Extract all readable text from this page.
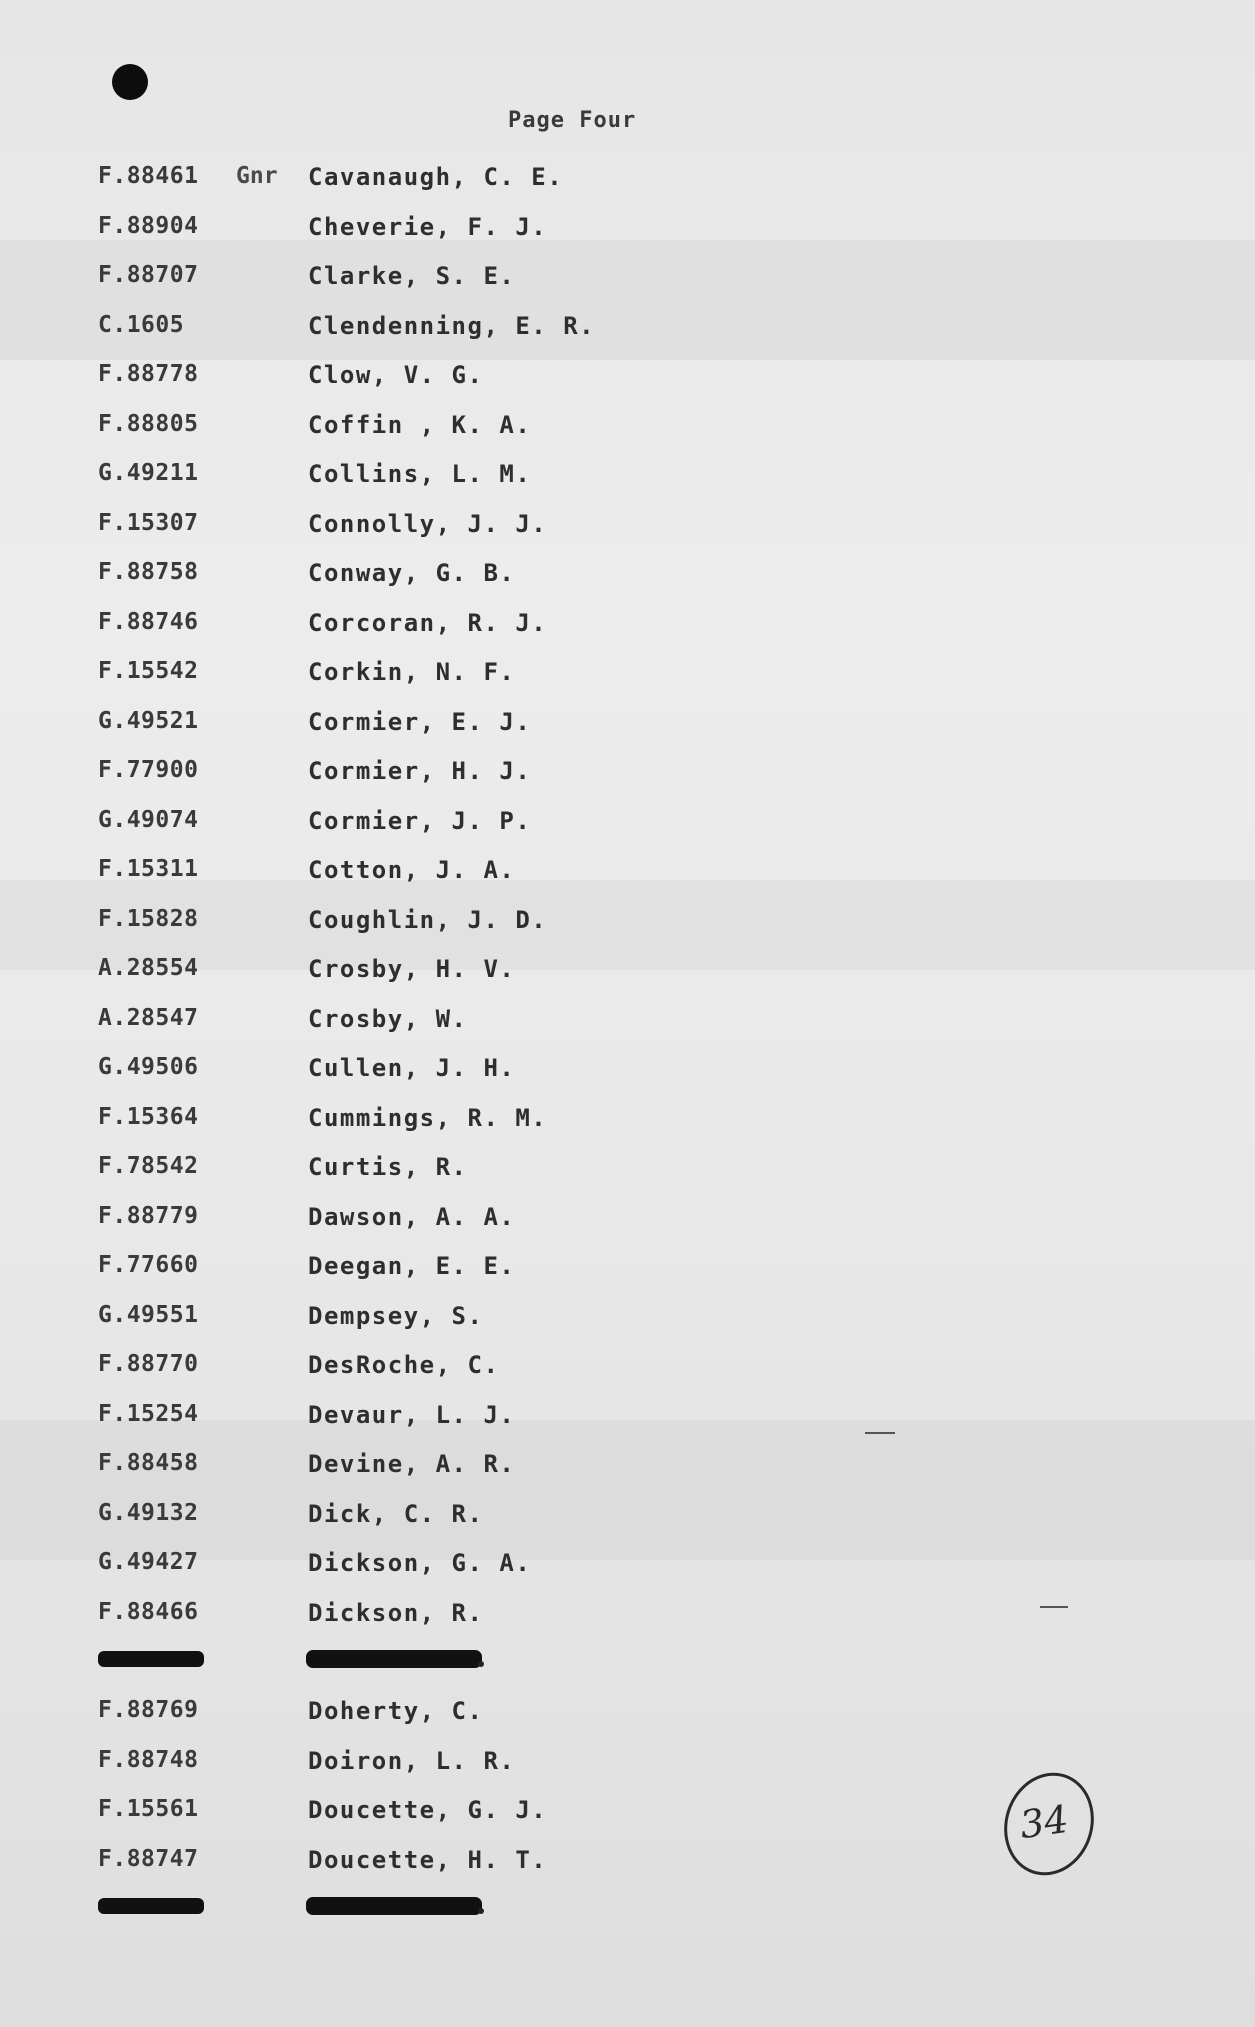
Page Four
F.88461 Gnr Cavanaugh, C. E.
F.88904	Cheverie, F. J.
F.88707	Clarke, S. E.
C.1605	Clendenning, E. R.
F.88778	Clow, V. G.
F.88805	Coffin , K. A.
G.49211	Collins, L. M.
F.15307	Connolly, J. J.
F.88758	Conway, G. B.
F.88746	Corcoran, R. J.
F.15542	Corkin, N. F.
G.49521	Cormier, E. J.
F.77900	Cormier, H. J.
G.49074	Cormier, J. P.
F.15311	Cotton, J. A.
F.15828	Coughlin, J. D.
A.28554	Crosby, H. V.
A.28547	Crosby, W.
G.49506	Cullen, J. H.
F.15364	Cummings, R. M.
F.78542	Curtis, R.
F.88779	Dawson, A. A.
F.77660	Deegan, E. E.
G.49551	Dempsey, S.
F.88770	DesRoche, C.
F.15254	Devaur, L. J.
F.88458	Devine, A. R.
G.49132	Dick, C. R.
G.49427	Dickson, G. A.
F.88466	Dickson, R.
F.88769	Doherty, C.
F.88748	Doiron, L. R.
F.15561	Doucette, G. J.
F.88747	Doucette, H. T.
34
